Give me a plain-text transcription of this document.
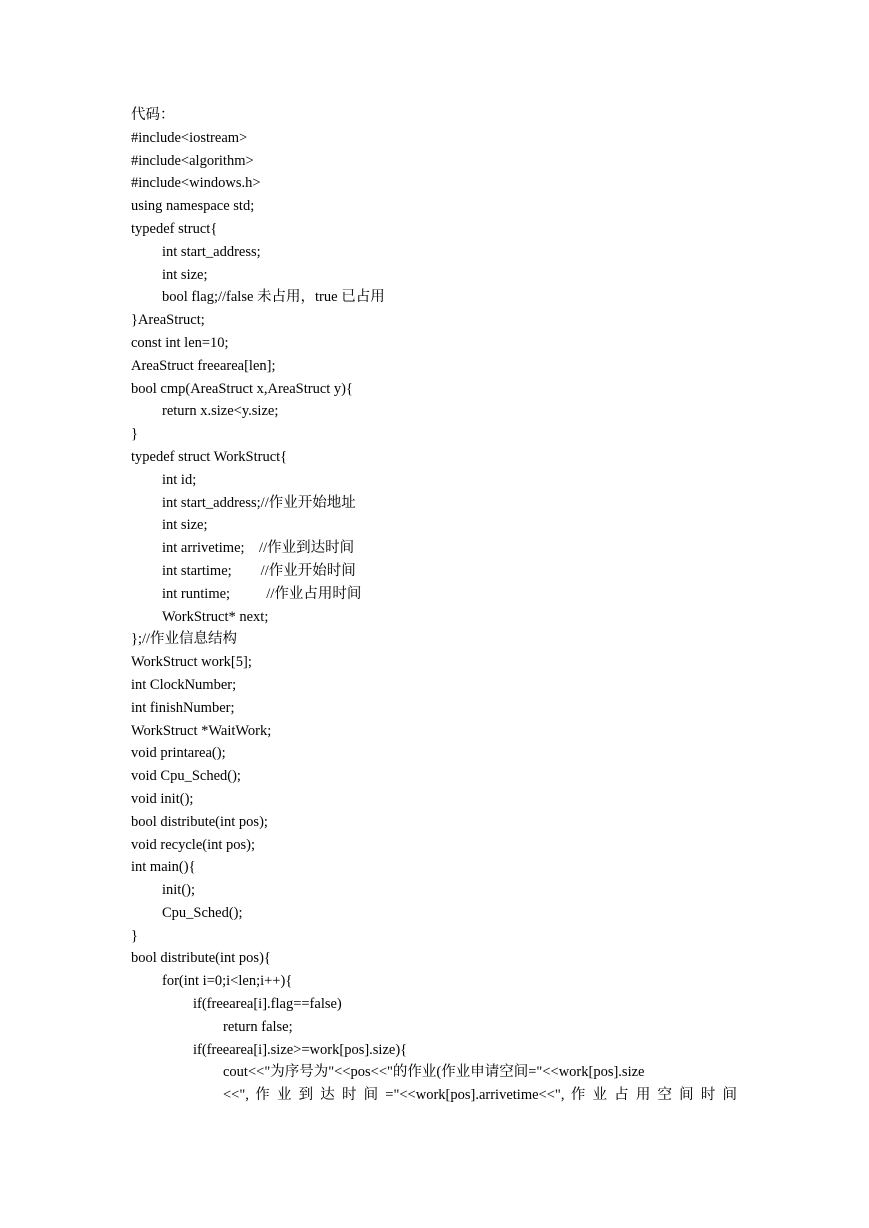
代码：
#include<iostream>
#include<algorithm>
#include<windows.h>
using namespace std;
typedef struct{
int start_address;
int size;
bool flag;//false 未占用，true 已占用
}AreaStruct;
const int len=10;
AreaStruct freearea[len];
bool cmp(AreaStruct x,AreaStruct y){
return x.size<y.size;
}
typedef struct WorkStruct{
int id;
int start_address;//作业开始地址
int size;
int arrivetime;    //作业到达时间
int startime;        //作业开始时间
int runtime;          //作业占用时间
WorkStruct* next;
};//作业信息结构
WorkStruct work[5];
int ClockNumber;
int finishNumber;
WorkStruct *WaitWork;
void printarea();
void Cpu_Sched();
void init();
bool distribute(int pos);
void recycle(int pos);
int main(){
init();
Cpu_Sched();
}
bool distribute(int pos){
for(int i=0;i<len;i++){
if(freearea[i].flag==false)
return false;
if(freearea[i].size>=work[pos].size){
cout<<"为序号为"<<pos<<"的作业(作业申请空间="<<work[pos].size
<<", 作 业 到 达 时 间 ="<<work[pos].arrivetime<<", 作 业 占 用 空 间 时 间
